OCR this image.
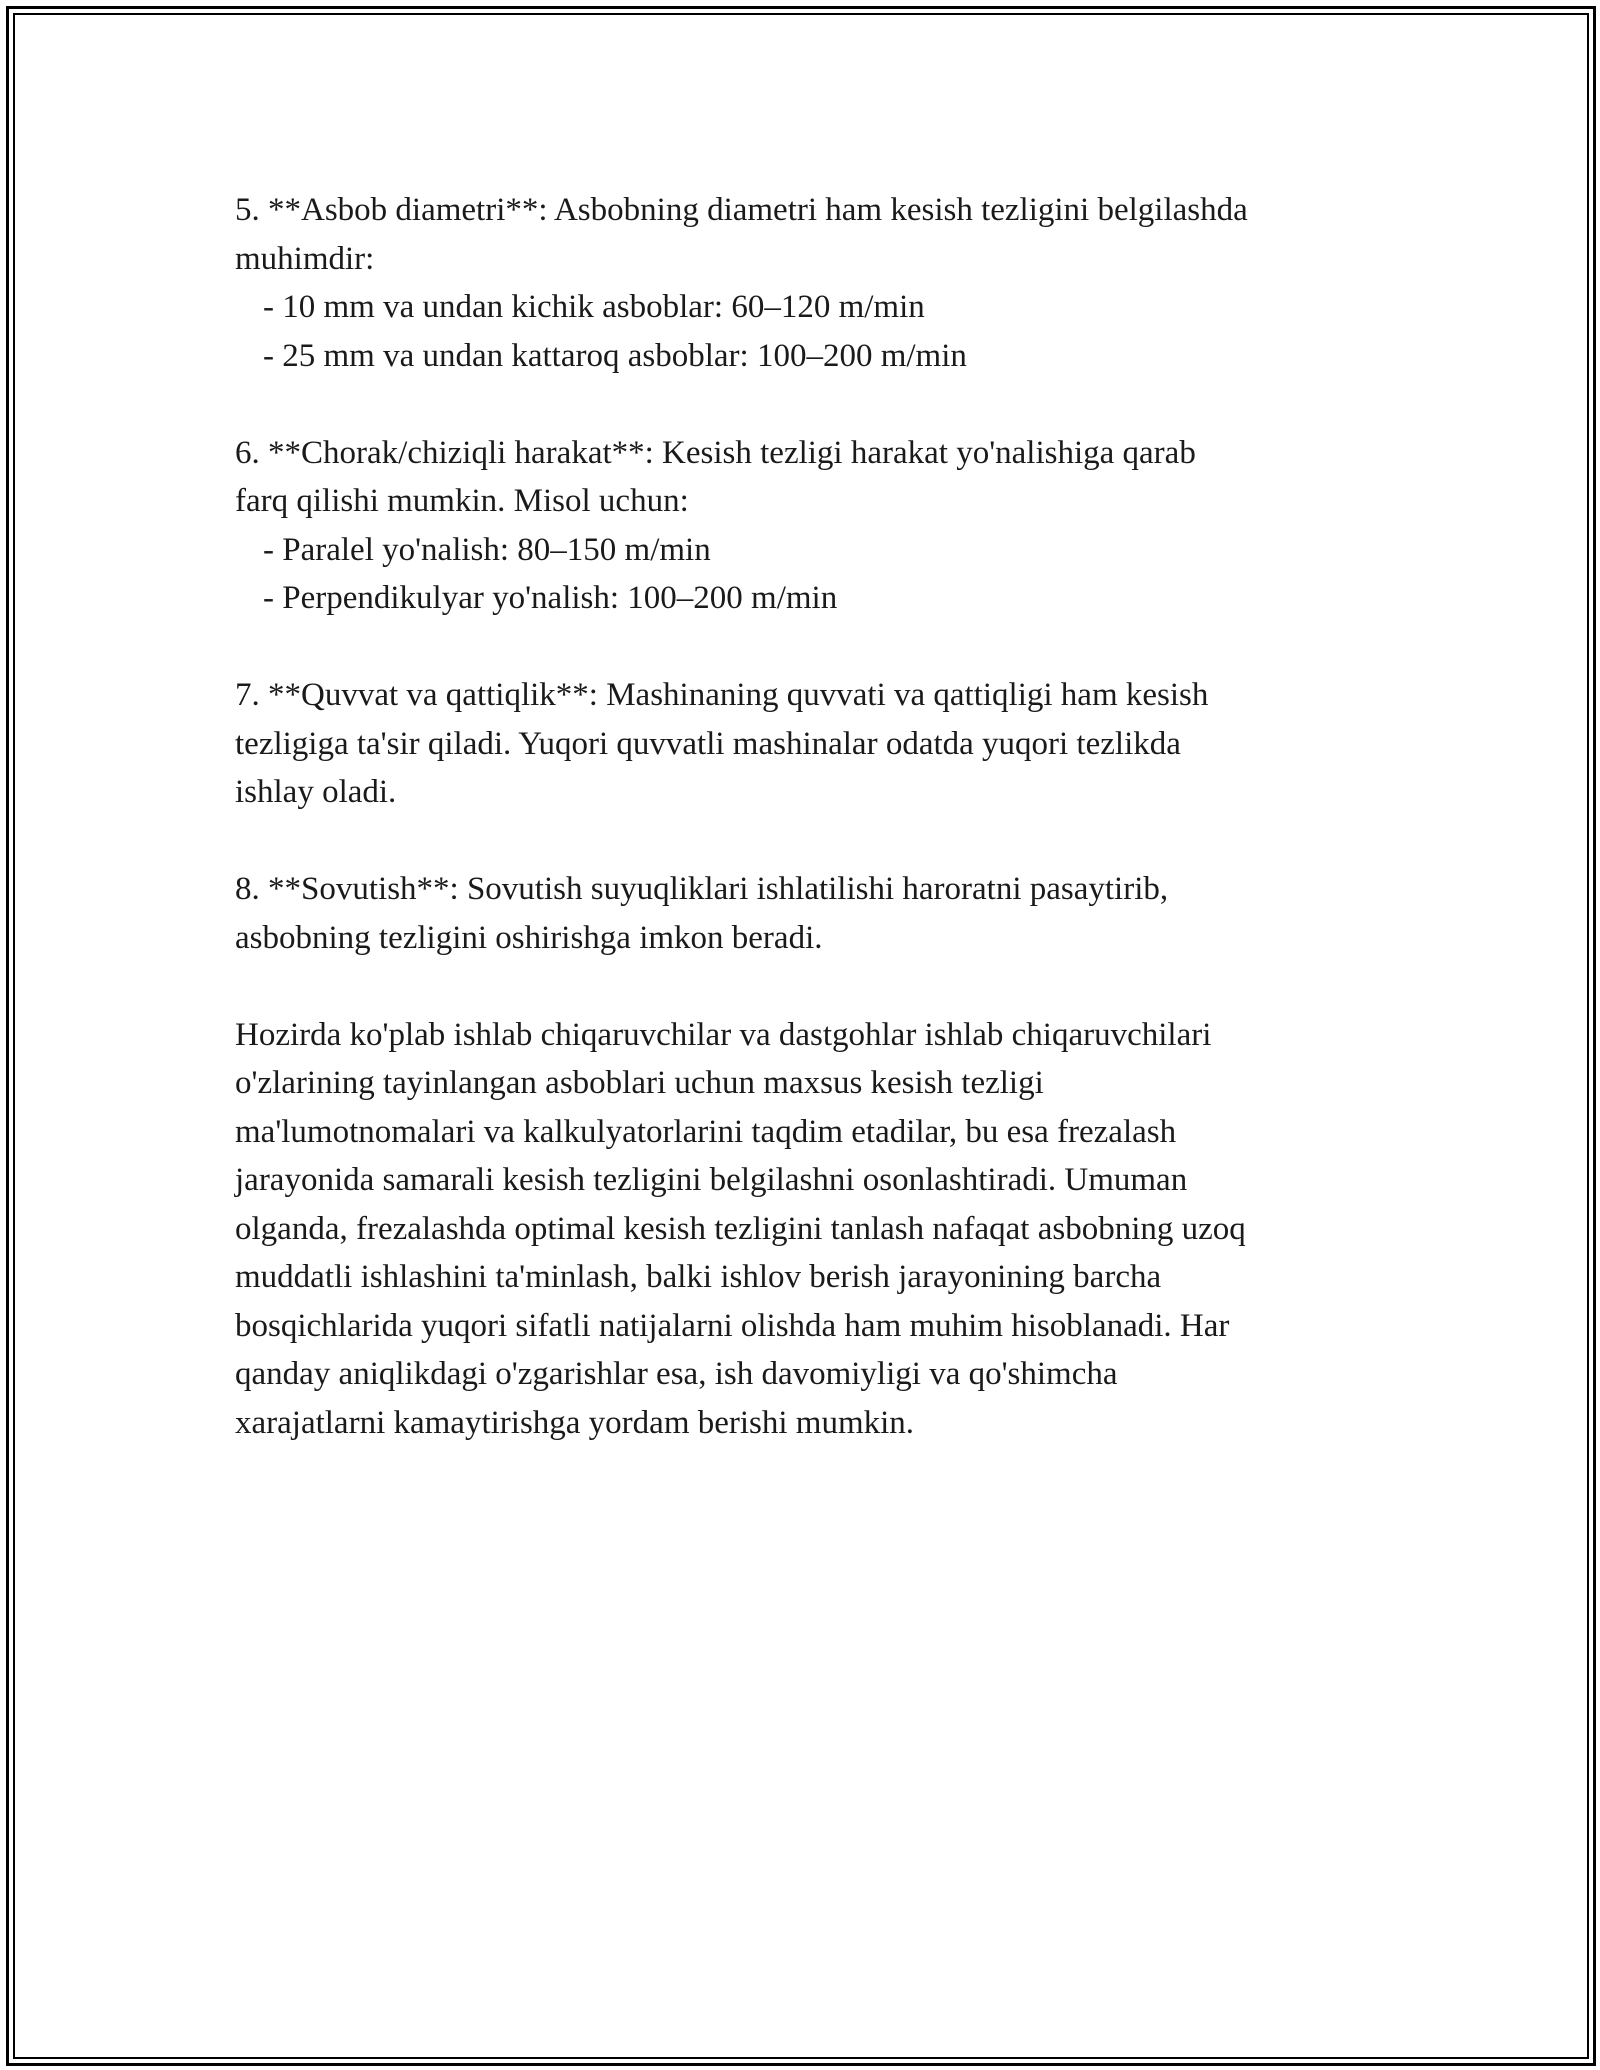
5. **Asbob diametri**: Asbobning diametri ham kesish tezligini belgilashda
muhimdir:
- 10 mm va undan kichik asboblar: 60–120 m/min
- 25 mm va undan kattaroq asboblar: 100–200 m/min
6. **Chorak/chiziqli harakat**: Kesish tezligi harakat yo'nalishiga qarab
farq qilishi mumkin. Misol uchun:
- Paralel yo'nalish: 80–150 m/min
- Perpendikulyar yo'nalish: 100–200 m/min
7. **Quvvat va qattiqlik**: Mashinaning quvvati va qattiqligi ham kesish
tezligiga ta'sir qiladi. Yuqori quvvatli mashinalar odatda yuqori tezlikda
ishlay oladi.
8. **Sovutish**: Sovutish suyuqliklari ishlatilishi haroratni pasaytirib,
asbobning tezligini oshirishga imkon beradi.
Hozirda ko'plab ishlab chiqaruvchilar va dastgohlar ishlab chiqaruvchilari
o'zlarining tayinlangan asboblari uchun maxsus kesish tezligi
ma'lumotnomalari va kalkulyatorlarini taqdim etadilar, bu esa frezalash
jarayonida samarali kesish tezligini belgilashni osonlashtiradi. Umuman
olganda, frezalashda optimal kesish tezligini tanlash nafaqat asbobning uzoq
muddatli ishlashini ta'minlash, balki ishlov berish jarayonining barcha
bosqichlarida yuqori sifatli natijalarni olishda ham muhim hisoblanadi. Har
qanday aniqlikdagi o'zgarishlar esa, ish davomiyligi va qo'shimcha
xarajatlarni kamaytirishga yordam berishi mumkin.
